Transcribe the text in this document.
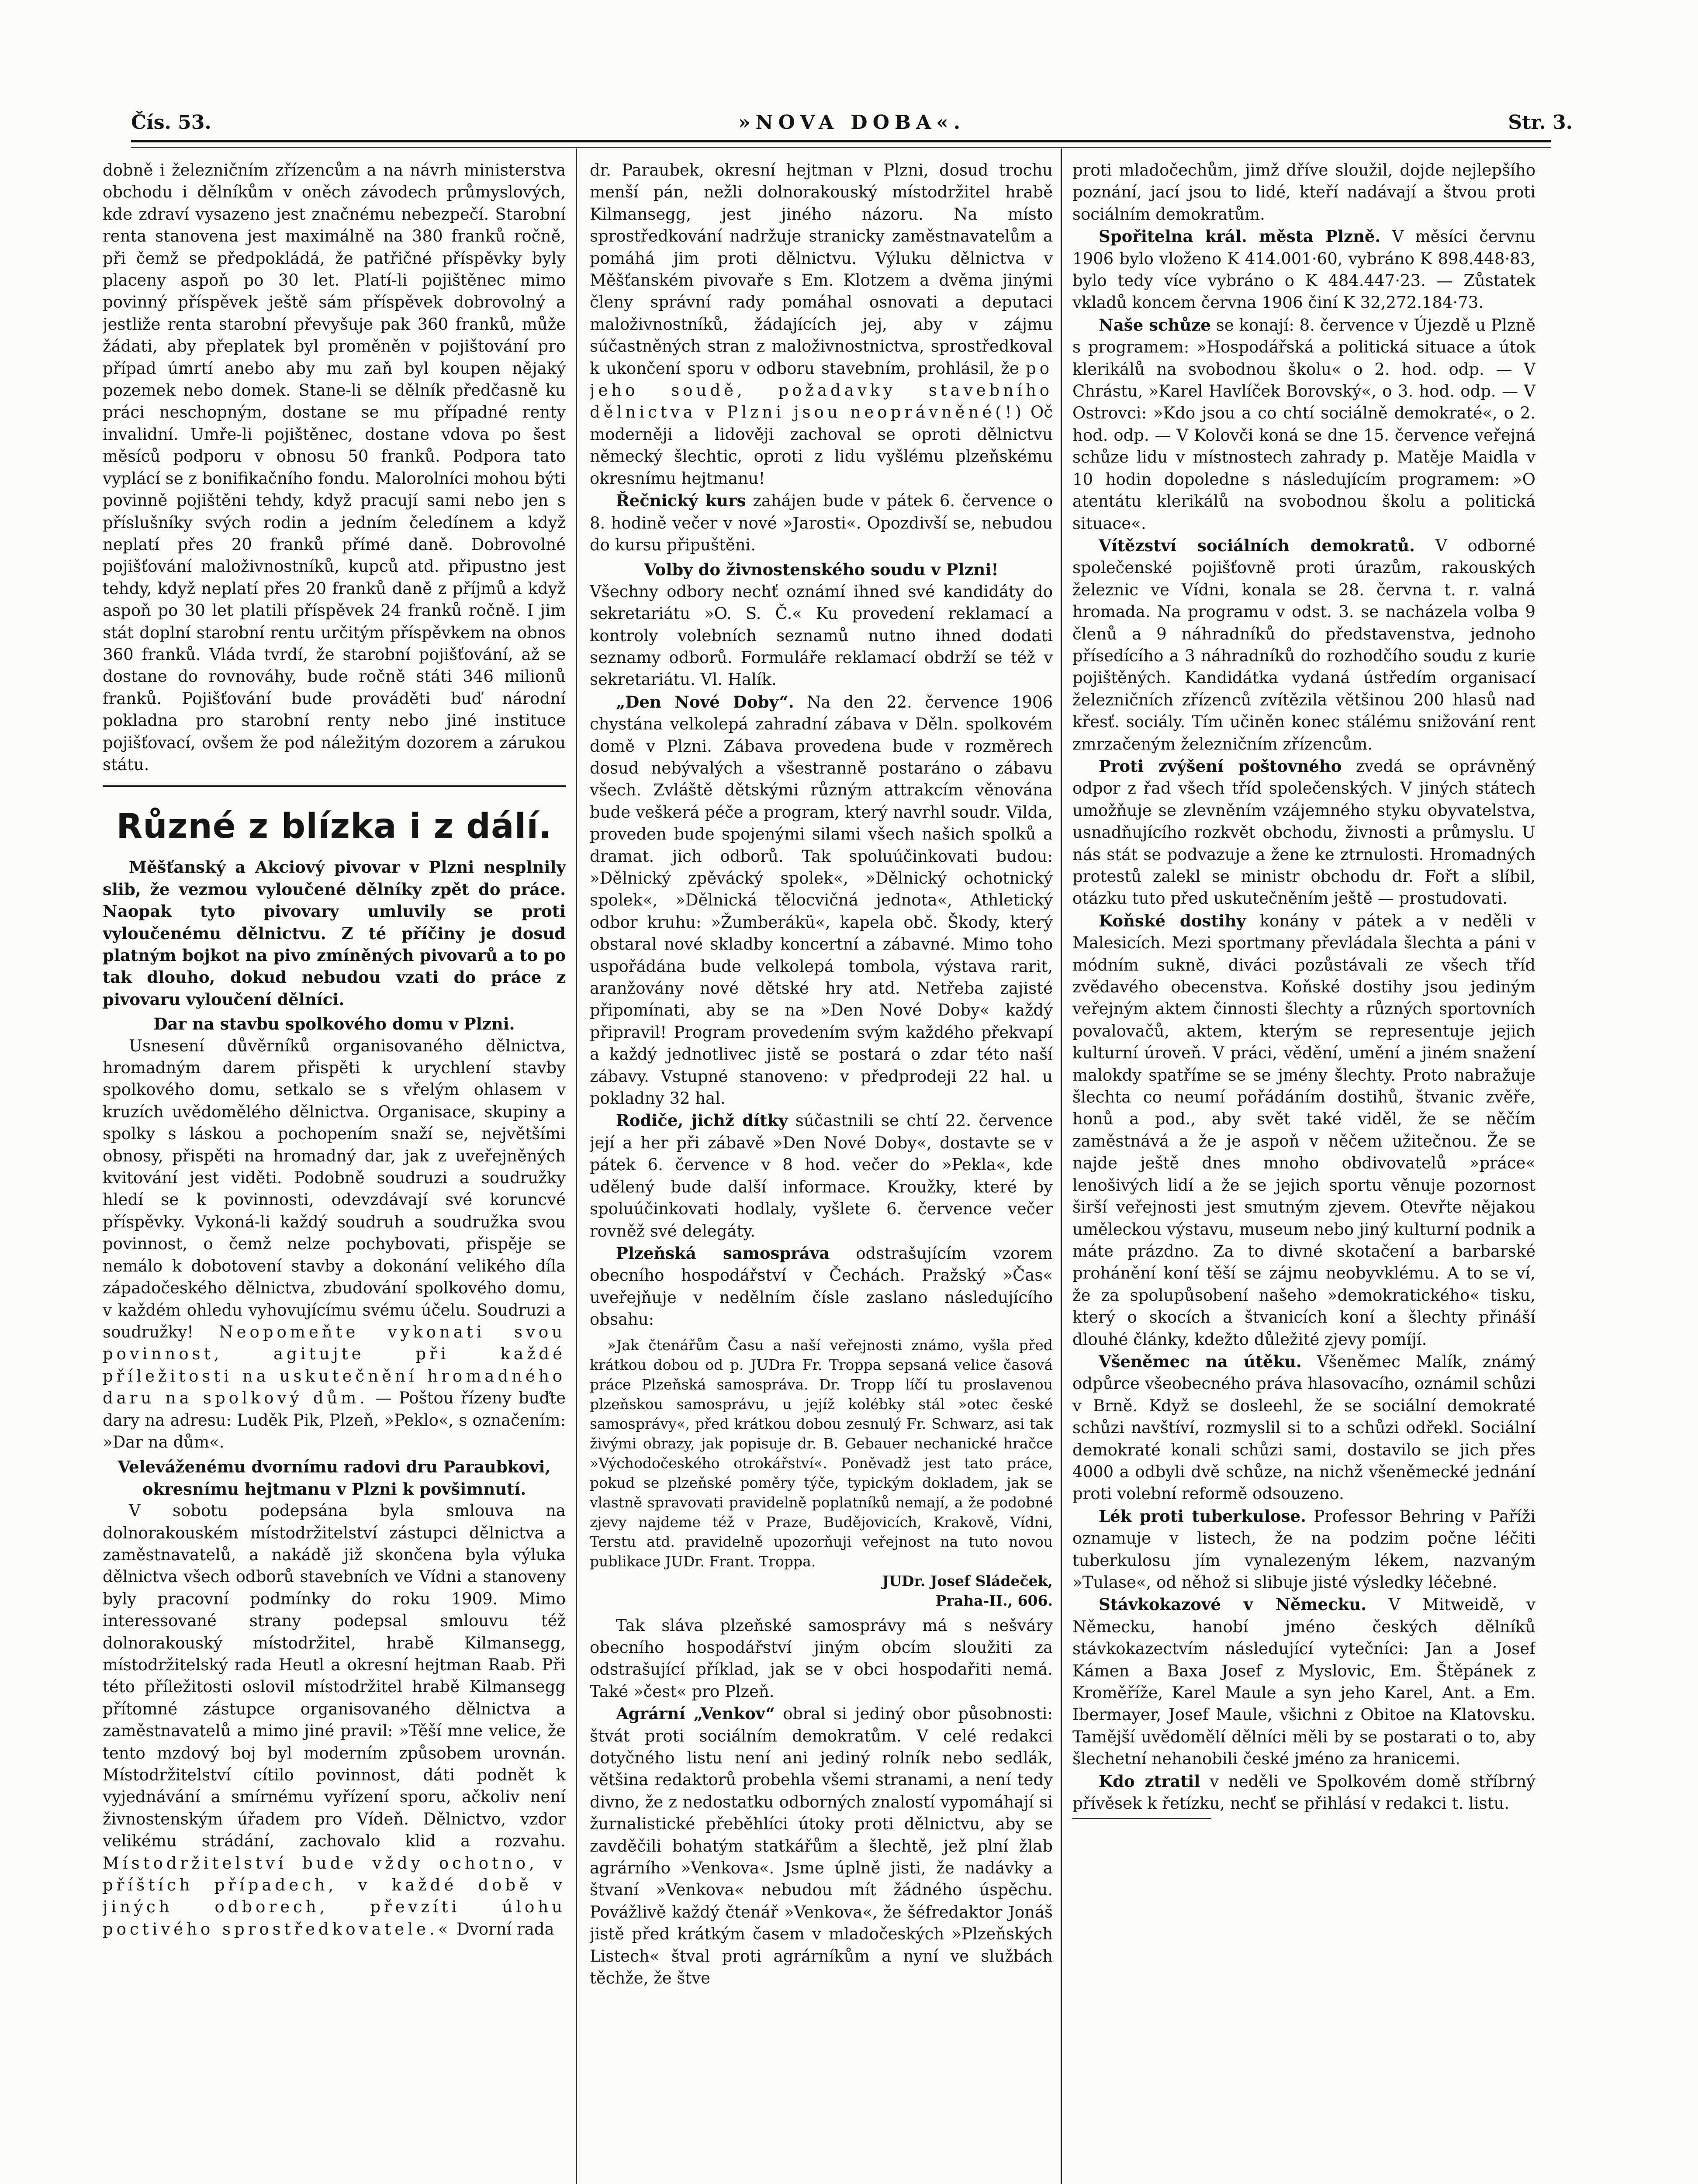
Čís. 53.	»NOVA DOBA«.	Str. 3.

dobně i železničním zřízencům a na návrh ministerstva obchodu i dělníkům v oněch závodech průmyslových, kde zdraví vysazeno jest značnému nebezpečí. Starobní renta stanovena jest maximálně na 380 franků ročně, při čemž se předpokládá, že patřičné příspěvky byly placeny aspoň po 30 let. Platí-li pojištěnec mimo povinný příspěvek ještě sám příspěvek dobrovolný a jestliže renta starobní převyšuje pak 360 franků, může žádati, aby přeplatek byl proměněn v pojištování pro případ úmrtí anebo aby mu zaň byl koupen nějaký pozemek nebo domek. Stane-li se dělník předčasně ku práci neschopným, dostane se mu případné renty invalidní. Umře-li pojištěnec, dostane vdova po šest měsíců podporu v obnosu 50 franků. Podpora tato vyplácí se z bonifikačního fondu. Malorolníci mohou býti povinně pojištěni tehdy, když pracují sami nebo jen s příslušníky svých rodin a jedním čeledínem a když neplatí přes 20 franků přímé daně. Dobrovolné pojišťování maloživnostníků, kupců atd. připustno jest tehdy, když neplatí přes 20 franků daně z příjmů a když aspoň po 30 let platili příspěvek 24 franků ročně. I jim stát doplní starobní rentu určitým příspěvkem na obnos 360 franků. Vláda tvrdí, že starobní pojišťování, až se dostane do rovnováhy, bude ročně státi 346 milionů franků. Pojišťování bude prováděti buď národní pokladna pro starobní renty nebo jiné instituce pojišťovací, ovšem že pod náležitým dozorem a zárukou státu.

Různé z blízka i z dálí.

Měšťanský a Akciový pivovar v Plzni nesplnily slib, že vezmou vyloučené dělníky zpět do práce. Naopak tyto pivovary umluvily se proti vyloučenému dělnictvu. Z té příčiny je dosud platným bojkot na pivo zmíněných pivovarů a to po tak dlouho, dokud nebudou vzati do práce z pivovaru vyloučení dělníci.

Dar na stavbu spolkového domu v Plzni.

Usnesení důvěrníků organisovaného dělnictva, hromadným darem přispěti k urychlení stavby spolkového domu, setkalo se s vřelým ohlasem v kruzích uvědomělého dělnictva. Organisace, skupiny a spolky s láskou a pochopením snaží se, největšími obnosy, přispěti na hromadný dar, jak z uveřejněných kvitování jest viděti. Podobně soudruzi a soudružky hledí se k povinnosti, odevzdávají své koruncvé příspěvky. Vykoná-li každý soudruh a soudružka svou povinnost, o čemž nelze pochybovati, přispěje se nemálo k dobotovení stavby a dokonání velikého díla západočeského dělnictva, zbudování spolkového domu, v každém ohledu vyhovujícímu svému účelu. Soudruzi a soudružky! Neopomeňte vykonati svou povinnost, agitujte při každé příležitosti na uskutečnění hromadného daru na spolkový dům. — Poštou řízeny buďte dary na adresu: Luděk Pik, Plzeň, »Peklo«, s označením: »Dar na dům«.

Veleváženému dvornímu radovi dru Paraubkovi, okresnímu hejtmanu v Plzni k povšimnutí.

V sobotu podepsána byla smlouva na dolnorakouském místodržitelství zástupci dělnictva a zaměstnavatelů, a nakádě již skončena byla výluka dělnictva všech odborů stavebních ve Vídni a stanoveny byly pracovní podmínky do roku 1909. Mimo interessované strany podepsal smlouvu též dolnorakouský místodržitel, hrabě Kilmansegg, místodržitelský rada Heutl a okresní hejtman Raab. Při této příležitosti oslovil místodržitel hrabě Kilmansegg přítomné zástupce organisovaného dělnictva a zaměstnavatelů a mimo jiné pravil: »Těší mne velice, že tento mzdový boj byl moderním způsobem urovnán. Místodržitelství cítilo povinnost, dáti podnět k vyjednávání a smírnému vyřízení sporu, ačkoliv není živnostenským úřadem pro Vídeň. Dělnictvo, vzdor velikému strádání, zachovalo klid a rozvahu. Místodržitelství bude vždy ochotno, v příštích případech, v každé době v jiných odborech, převzíti úlohu poctivého sprostředkovatele.« Dvorní rada

dr. Paraubek, okresní hejtman v Plzni, dosud trochu menší pán, nežli dolnorakouský místodržitel hrabě Kilmansegg, jest jiného názoru. Na místo sprostředkování nadržuje stranicky zaměstnavatelům a pomáhá jim proti dělnictvu. Výluku dělnictva v Měšťanském pivovaře s Em. Klotzem a dvěma jinými členy správní rady pomáhal osnovati a deputaci maloživnostníků, žádajících jej, aby v zájmu súčastněných stran z maloživnostnictva, sprostředkoval k ukončení sporu v odboru stavebním, prohlásil, že po jeho soudě, požadavky stavebního dělnictva v Plzni jsou neoprávněné(!) Oč moderněji a lidověji zachoval se oproti dělnictvu německý šlechtic, oproti z lidu vyšlému plzeňskému okresnímu hejtmanu!

Řečnický kurs zahájen bude v pátek 6. července o 8. hodině večer v nové »Jarosti«. Opozdivší se, nebudou do kursu připuštěni.

Volby do živnostenského soudu v Plzni!

Všechny odbory nechť oznámí ihned své kandidáty do sekretariátu »O. S. Č.« Ku provedení reklamací a kontroly volebních seznamů nutno ihned dodati seznamy odborů. Formuláře reklamací obdrží se též v sekretariátu. Vl. Halík.

„Den Nové Doby“. Na den 22. července 1906 chystána velkolepá zahradní zábava v Děln. spolkovém domě v Plzni. Zábava provedena bude v rozměrech dosud nebývalých a všestranně postaráno o zábavu všech. Zvláště dětskými různým attrakcím věnována bude veškerá péče a program, který navrhl soudr. Vilda, proveden bude spojenými silami všech našich spolků a dramat. jich odborů. Tak spoluúčinkovati budou: »Dělnický zpěvácký spolek«, »Dělnický ochotnický spolek«, »Dělnická tělocvičná jednota«, Athletický odbor kruhu: »Žumberákü«, kapela obč. Škody, který obstaral nové skladby koncertní a zábavné. Mimo toho uspořádána bude velkolepá tombola, výstava rarit, aranžovány nové dětské hry atd. Netřeba zajisté připomínati, aby se na »Den Nové Doby« každý připravil! Program provedením svým každého překvapí a každý jednotlivec jistě se postará o zdar této naší zábavy. Vstupné stanoveno: v předprodeji 22 hal. u pokladny 32 hal.

Rodiče, jichž dítky súčastnili se chtí 22. července její a her při zábavě »Den Nové Doby«, dostavte se v pátek 6. července v 8 hod. večer do »Pekla«, kde udělený bude další informace. Kroužky, které by spoluúčinkovati hodlaly, vyšlete 6. července večer rovněž své delegáty.

Plzeňská samospráva odstrašujícím vzorem obecního hospodářství v Čechách. Pražský »Čas« uveřejňuje v nedělním čísle zaslano následujícího obsahu:

»Jak čtenářům Času a naší veřejnosti známo, vyšla před krátkou dobou od p. JUDra Fr. Troppa sepsaná velice časová práce Plzeňská samospráva. Dr. Tropp líčí tu proslavenou plzeňskou samosprávu, u jejíž kolébky stál »otec české samosprávy«, před krátkou dobou zesnulý Fr. Schwarz, asi tak živými obrazy, jak popisuje dr. B. Gebauer nechanické hračce »Východočeského otrokářství«. Poněvadž jest tato práce, pokud se plzeňské poměry týče, typickým dokladem, jak se vlastně spravovati pravidelně poplatníků nemají, a že podobné zjevy najdeme též v Praze, Budějovicích, Krakově, Vídni, Terstu atd. pravidelně upozorňuji veřejnost na tuto novou publikace JUDr. Frant. Troppa.

JUDr. Josef Sládeček,

Praha-II., 606.

Tak sláva plzeňské samosprávy má s nešváry obecního hospodářství jiným obcím sloužiti za odstrašující příklad, jak se v obci hospodařiti nemá. Také »čest« pro Plzeň.

Agrární „Venkov“ obral si jediný obor působnosti: štvát proti sociálním demokratům. V celé redakci dotyčného listu není ani jediný rolník nebo sedlák, většina redaktorů probehla všemi stranami, a není tedy divno, že z nedostatku odborných znalostí vypomáhají si žurnalistické přeběhlíci útoky proti dělnictvu, aby se zavděčili bohatým statkářům a šlechtě, jež plní žlab agrárního »Venkova«. Jsme úplně jisti, že nadávky a štvaní »Venkova« nebudou mít žádného úspěchu. Povážlivě každý čtenář »Venkova«, že šéfredaktor Jonáš jistě před krátkým časem v mladočeských »Plzeňských Listech« štval proti agrárníkům a nyní ve službách těchže, že štve

proti mladočechům, jimž dříve sloužil, dojde nejlepšího poznání, jací jsou to lidé, kteří nadávají a štvou proti sociálním demokratům.

Spořitelna král. města Plzně. V měsíci červnu 1906 bylo vloženo K 414.001·60, vybráno K 898.448·83, bylo tedy více vybráno o K 484.447·23. — Zůstatek vkladů koncem června 1906 činí K 32,272.184·73.

Naše schůze se konají: 8. července v Újezdě u Plzně s programem: »Hospodářská a politická situace a útok klerikálů na svobodnou školu« o 2. hod. odp. — V Chrástu, »Karel Havlíček Borovský«, o 3. hod. odp. — V Ostrovci: »Kdo jsou a co chtí sociálně demokraté«, o 2. hod. odp. — V Kolovči koná se dne 15. července veřejná schůze lidu v místnostech zahrady p. Matěje Maidla v 10 hodin dopoledne s následujícím programem: »O atentátu klerikálů na svobodnou školu a politická situace«.

Vítězství sociálních demokratů. V odborné společenské pojišťovně proti úrazům, rakouských železnic ve Vídni, konala se 28. června t. r. valná hromada. Na programu v odst. 3. se nacházela volba 9 členů a 9 náhradníků do představenstva, jednoho přísedícího a 3 náhradníků do rozhodčího soudu z kurie pojištěných. Kandidátka vydaná ústředím organisací železničních zřízenců zvítězila většinou 200 hlasů nad křesť. sociály. Tím učiněn konec stálému snižování rent zmrzačeným železničním zřízencům.

Proti zvýšení poštovného zvedá se oprávněný odpor z řad všech tříd společenských. V jiných státech umožňuje se zlevněním vzájemného styku obyvatelstva, usnadňujícího rozkvět obchodu, živnosti a průmyslu. U nás stát se podvazuje a žene ke ztrnulosti. Hromadných protestů zalekl se ministr obchodu dr. Fořt a slíbil, otázku tuto před uskutečněním ještě — prostudovati.

Koňské dostihy konány v pátek a v neděli v Malesicích. Mezi sportmany převládala šlechta a páni v módním sukně, diváci pozůstávali ze všech tříd zvědavého obecenstva. Koňské dostihy jsou jediným veřejným aktem činnosti šlechty a různých sportovních povalovačů, aktem, kterým se representuje jejich kulturní úroveň. V práci, vědění, umění a jiném snažení malokdy spatříme se se jmény šlechty. Proto nabražuje šlechta co neumí pořádáním dostihů, štvanic zvěře, honů a pod., aby svět také viděl, že se něčím zaměstnává a že je aspoň v něčem užitečnou. Že se najde ještě dnes mnoho obdivovatelů »práce« lenošivých lidí a že se jejich sportu věnuje pozornost širší veřejnosti jest smutným zjevem. Otevřte nějakou uměleckou výstavu, museum nebo jiný kulturní podnik a máte prázdno. Za to divné skotačení a barbarské prohánění koní těší se zájmu neobyvklému. A to se ví, že za spolupůsobení našeho »demokratického« tisku, který o skocích a štvanicích koní a šlechty přináší dlouhé články, kdežto důležité zjevy pomíjí.

Všeněmec na útěku. Všeněmec Malík, známý odpůrce všeobecného práva hlasovacího, oznámil schůzi v Brně. Když se dosleehl, že se sociální demokraté schůzi navštíví, rozmyslil si to a schůzi odřekl. Sociální demokraté konali schůzi sami, dostavilo se jich přes 4000 a odbyli dvě schůze, na nichž všeněmecké jednání proti volební reformě odsouzeno.

Lék proti tuberkulose. Professor Behring v Paříži oznamuje v listech, že na podzim počne léčiti tuberkulosu jím vynalezeným lékem, nazvaným »Tulase«, od něhož si slibuje jisté výsledky léčebné.

Stávkokazové v Německu. V Mitweidě, v Německu, hanobí jméno českých dělníků stávkokazectvím následující vytečníci: Jan a Josef Kámen a Baxa Josef z Myslovic, Em. Štěpánek z Kroměříže, Karel Maule a syn jeho Karel, Ant. a Em. Ibermayer, Josef Maule, všichni z Obitoe na Klatovsku. Tamější uvědomělí dělníci měli by se postarati o to, aby šlechetní nehanobili české jméno za hranicemi.

Kdo ztratil v neděli ve Spolkovém domě stříbrný přívěsek k řetízku, nechť se přihlásí v redakci t. listu.
